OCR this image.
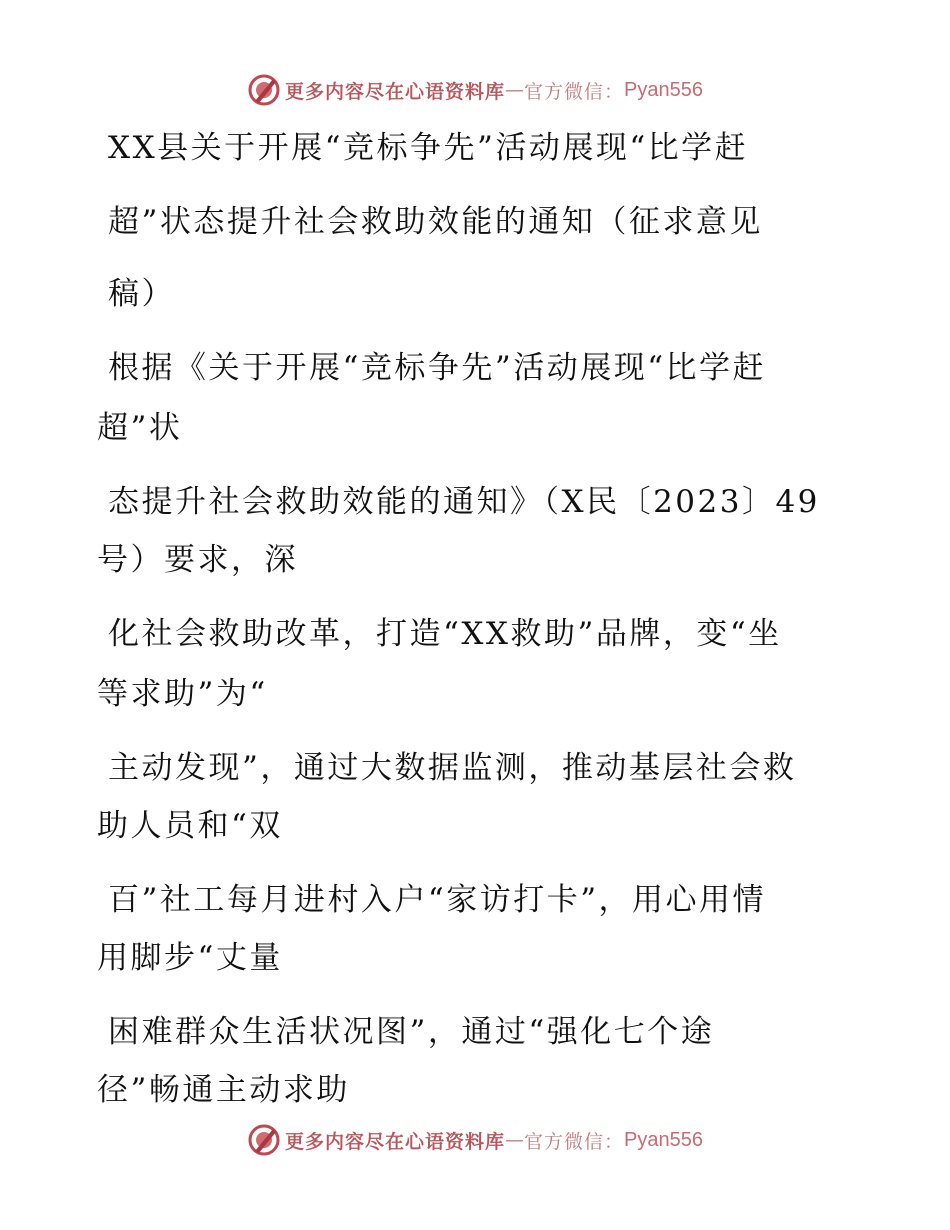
更多内容尽在心语资料库 — 官方微信： Pyan556
XX县关于开展“竞标争先”活动展现“比学赶
超”状态提升社会救助效能的通知（征求意见
稿）
根据《关于开展“竞标争先”活动展现“比学赶
超”状
态提升社会救助效能的通知》（X民〔2023〕49
号）要求，深
化社会救助改革，打造“XX救助”品牌，变“坐
等求助”为“
主动发现”，通过大数据监测，推动基层社会救
助人员和“双
百”社工每月进村入户“家访打卡”，用心用情
用脚步“丈量
困难群众生活状况图”，通过“强化七个途
径”畅通主动求助
更多内容尽在心语资料库 — 官方微信： Pyan556
